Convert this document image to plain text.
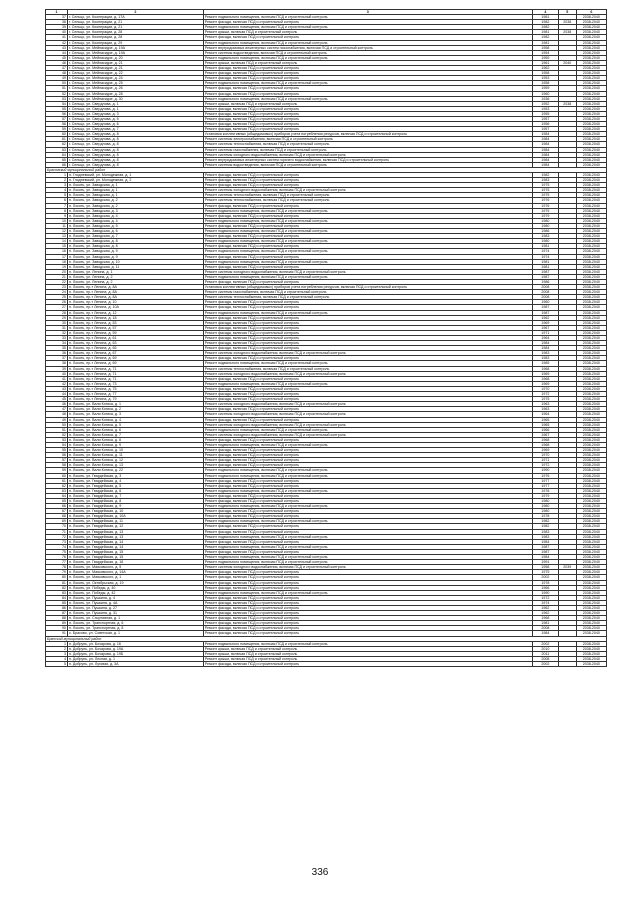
1	2	3	4	5	6
37	г. Сельцо, ул. Кооперации, д. 17А	Ремонт подвального помещения, включая ПСД и строительный контроль	1981		2038-2040
38	г. Сельцо, ул. Кооперации, д. 21	Ремонт фасада, включая ПСД и строительный контроль	1982	2038	2038-2040
39	г. Сельцо, ул. Кооперации, д. 21	Ремонт подвального помещения, включая ПСД и строительный контроль	1982		2038-2040
40	г. Сельцо, ул. Кооперации, д. 28	Ремонт крыши, включая ПСД и строительный контроль	1981	2038	2038-2040
41	г. Сельцо, ул. Кооперации, д. 28	Ремонт фасада, включая ПСД и строительный контроль	1982		2038-2040
42	г. Сельцо, ул. Кооперации, д. 29	Ремонт подвального помещения, включая ПСД и строительный контроль	1981		2038-2040
43	г. Сельцо, ул. Мейпасидзе, д. 19А	Ремонт внутридомовых инженерных систем газоснабжения, включая ПСД и строительный контроль	1958		2038-2040
44	г. Сельцо, ул. Мейпасидзе, д. 19А	Ремонт системы водоотведения, включая ПСД и строительный контроль	1954		2038-2040
45	г. Сельцо, ул. Мейпасидзе, д. 20	Ремонт подвального помещения, включая ПСД и строительный контроль	1959		2038-2040
46	г. Сельцо, ул. Мейпасидзе, д. 21	Ремонт крыши, включая ПСД и строительный контроль	1961	2040	2038-2040
47	г. Сельцо, ул. Мейпасидзе, д. 21	Ремонт фасада, включая ПСД и строительный контроль	1962		2038-2040
48	г. Сельцо, ул. Мейпасидзе, д. 22	Ремонт фасада, включая ПСД и строительный контроль	1958		2038-2040
49	г. Сельцо, ул. Мейпасидзе, д. 24	Ремонт фасада, включая ПСД и строительный контроль	1953		2038-2040
50	г. Сельцо, ул. Мейпасидзе, д. 25	Ремонт подвального помещения, включая ПСД и строительный контроль	1958		2038-2040
51	г. Сельцо, ул. Мейпасидзе, д. 26	Ремонт фасада, включая ПСД и строительный контроль	1959		2038-2040
52	г. Сельцо, ул. Мейпасидзе, д. 28	Ремонт фасада, включая ПСД и строительный контроль	1960		2038-2040
53	г. Сельцо, ул. Мейпасидзе, д. 30	Ремонт подвального помещения, включая ПСД и строительный контроль	1936		2038-2040
54	г. Сельцо, ул. Свердлова, д. 1	Ремонт крыши, включая ПСД и строительный контроль	1952	2038	2038-2040
55	г. Сельцо, ул. Свердлова, д. 1	Ремонт фасада, включая ПСД и строительный контроль	1953		2038-2040
56	г. Сельцо, ул. Свердлова, д. 3	Ремонт фасада, включая ПСД и строительный контроль	1955		2038-2040
57	г. Сельцо, ул. Свердлова, д. 5	Ремонт фасада, включая ПСД и строительный контроль	1957		2038-2040
58	г. Сельцо, ул. Свердлова, д. 6	Ремонт фасада, включая ПСД и строительный контроль	1956		2038-2040
59	г. Сельцо, ул. Свердлова, д. 7	Ремонт фасада, включая ПСД и строительный контроль	1957		2038-2040
60	г. Сельцо, ул. Свердлова, д. 8	Установка коллективных (общедомовых) приборов учета потребления ресурсов, включая ПСД и строительный контроль	1984		2038-2040
61	г. Сельцо, ул. Свердлова, д. 8	Ремонт системы электроснабжения, включая ПСД и строительный контроль	1984		2038-2040
62	г. Сельцо, ул. Свердлова, д. 8	Ремонт системы теплоснабжения, включая ПСД и строительный контроль	1984		2038-2040
63	г. Сельцо, ул. Свердлова, д. 8	Ремонт системы газоснабжения, включая ПСД и строительный контроль	1984		2038-2040
64	г. Сельцо, ул. Свердлова, д. 8	Ремонт системы холодного водоснабжения, включая ПСД и строительный контроль	1984		2038-2040
65	г. Сельцо, ул. Свердлова, д. 8	Ремонт внутридомовых инженерных систем горячего водоснабжения, включая ПСД и строительный контроль	1984		2038-2040
66	г. Сельцо, ул. Свердлова, д. 8	Ремонт системы водоотведения, включая ПСД и строительный контроль	1984		2038-2040
Брасовский муниципальный район					
1	п. Глодневский, ул. Молодежная, д. 1	Ремонт фасада, включая ПСД и строительный контроль	1982		2038-2040
2	п. Глодневский, ул. Молодежная, д. 2	Ремонт фасада, включая ПСД и строительный контроль	1983		2038-2040
3	п. Локоть, ул. Заводская, д. 1	Ремонт фасада, включая ПСД и строительный контроль	1975		2038-2040
4	п. Локоть, ул. Заводская, д. 1	Ремонт системы холодного водоснабжения, включая ПСД и строительный контроль	1975		2038-2040
5	п. Локоть, ул. Заводская, д. 1	Ремонт системы теплоснабжения, включая ПСД и строительный контроль	1975		2038-2040
6	п. Локоть, ул. Заводская, д. 2	Ремонт системы теплоснабжения, включая ПСД и строительный контроль	1976		2038-2040
7	п. Локоть, ул. Заводская, д. 2	Ремонт фасада, включая ПСД и строительный контроль	1976		2038-2040
8	п. Локоть, ул. Заводская, д. 3	Ремонт подвального помещения, включая ПСД и строительный контроль	1975		2038-2040
9	п. Локоть, ул. Заводская, д. 4	Ремонт фасада, включая ПСД и строительный контроль	1979		2038-2040
10	п. Локоть, ул. Заводская, д. 4	Ремонт подвального помещения, включая ПСД и строительный контроль	1980		2038-2040
11	п. Локоть, ул. Заводская, д. 5	Ремонт фасада, включая ПСД и строительный контроль	1980		2038-2040
12	п. Локоть, ул. Заводская, д. 6	Ремонт подвального помещения, включая ПСД и строительный контроль	1986		2038-2040
13	п. Локоть, ул. Заводская, д. 7	Ремонт фасада, включая ПСД и строительный контроль	1983		2038-2040
14	п. Локоть, ул. Заводская, д. 8	Ремонт подвального помещения, включая ПСД и строительный контроль	1980		2038-2040
15	п. Локоть, ул. Заводская, д. 8	Ремонт фасада, включая ПСД и строительный контроль	1981		2038-2040
16	п. Локоть, ул. Заводская, д. 9	Ремонт подвального помещения, включая ПСД и строительный контроль	1974		2038-2040
17	п. Локоть, ул. Заводская, д. 9	Ремонт фасада, включая ПСД и строительный контроль	1974		2038-2040
18	п. Локоть, ул. Заводская, д. 10	Ремонт подвального помещения, включая ПСД и строительный контроль	1981		2038-2040
19	п. Локоть, ул. Заводская, д. 11	Ремонт фасада, включая ПСД и строительный контроль	1981		2038-2040
20	п. Локоть, ул. Ленина, д. 1	Ремонт системы холодного водоснабжения, включая ПСД и строительный контроль	1987		2038-2040
21	п. Локоть, ул. Ленина, д. 2	Ремонт подвального помещения, включая ПСД и строительный контроль	1987		2038-2040
22	п. Локоть, ул. Ленина, д. 2	Ремонт фасада, включая ПСД и строительный контроль	1986		2038-2040
23	п. Локоть, пр-т Ленина, д. 8А	Установка коллективных (общедомовых) приборов учета потребления ресурсов, включая ПСД и строительный контроль	2008		2038-2040
24	п. Локоть, пр-т Ленина, д. 8А	Ремонт системы газоснабжения, включая ПСД и строительный контроль	2008		2038-2040
25	п. Локоть, пр-т Ленина, д. 8А	Ремонт системы теплоснабжения, включая ПСД и строительный контроль	2008		2038-2040
26	п. Локоть, пр-т Ленина, д. 10	Ремонт фасада, включая ПСД и строительный контроль	1960		2038-2040
27	п. Локоть, пр-т Ленина, д. 10А	Ремонт фасада, включая ПСД и строительный контроль	1987		2038-2040
28	п. Локоть, пр-т Ленина, д. 12	Ремонт подвального помещения, включая ПСД и строительный контроль	1987		2038-2040
29	п. Локоть, пр-т Ленина, д. 18	Ремонт фасада, включая ПСД и строительный контроль	1962		2038-2040
30	п. Локоть, пр-т Ленина, д. 53	Ремонт фасада, включая ПСД и строительный контроль	1969		2038-2040
31	п. Локоть, пр-т Ленина, д. 57	Ремонт фасада, включая ПСД и строительный контроль	1967		2038-2040
32	п. Локоть, пр-т Ленина, д. 59	Ремонт фасада, включая ПСД и строительный контроль	1971		2038-2040
33	п. Локоть, пр-т Ленина, д. 61	Ремонт фасада, включая ПСД и строительный контроль	1964		2038-2040
34	п. Локоть, пр-т Ленина, д. 63	Ремонт фасада, включая ПСД и строительный контроль	1984		2038-2040
35	п. Локоть, пр-т Ленина, д. 65	Ремонт фасада, включая ПСД и строительный контроль	1984		2038-2040
36	п. Локоть, пр-т Ленина, д. 67	Ремонт системы холодного водоснабжения, включая ПСД и строительный контроль	1983		2038-2040
37	п. Локоть, пр-т Ленина, д. 69	Ремонт фасада, включая ПСД и строительный контроль	1983		2038-2040
38	п. Локоть, пр-т Ленина, д. 69	Ремонт подвального помещения, включая ПСД и строительный контроль	1985		2038-2040
39	п. Локоть, пр-т Ленина, д. 71	Ремонт системы теплоснабжения, включая ПСД и строительный контроль	1968		2038-2040
40	п. Локоть, пр-т Ленина, д. 71	Ремонт системы холодного водоснабжения, включая ПСД и строительный контроль	1969		2038-2040
41	п. Локоть, пр-т Ленина, д. 71	Ремонт фасада, включая ПСД и строительный контроль	1968		2038-2040
42	п. Локоть, пр-т Ленина, д. 73	Ремонт подвального помещения, включая ПСД и строительный контроль	1969		2038-2040
43	п. Локоть, пр-т Ленина, д. 75	Ремонт фасада, включая ПСД и строительный контроль	1970		2038-2040
44	п. Локоть, пр-т Ленина, д. 77	Ремонт фасада, включая ПСД и строительный контроль	1972		2038-2040
45	п. Локоть, пр-т Ленина, д. 79	Ремонт фасада, включая ПСД и строительный контроль	1975		2038-2040
46	п. Локоть, ул. Вали Котика, д. 1	Ремонт системы холодного водоснабжения, включая ПСД и строительный контроль	1963		2038-2040
47	п. Локоть, ул. Вали Котика, д. 2	Ремонт фасада, включая ПСД и строительный контроль	1963		2038-2040
48	п. Локоть, ул. Вали Котика, д. 3	Ремонт системы холодного водоснабжения, включая ПСД и строительный контроль	1964		2038-2040
49	п. Локоть, ул. Вали Котика, д. 4	Ремонт фасада, включая ПСД и строительный контроль	1965		2038-2040
50	п. Локоть, ул. Вали Котика, д. 5	Ремонт системы холодного водоснабжения, включая ПСД и строительный контроль	1965		2038-2040
51	п. Локоть, ул. Вали Котика, д. 6	Ремонт подвального помещения, включая ПСД и строительный контроль	1966		2038-2040
52	п. Локоть, ул. Вали Котика, д. 7	Ремонт системы холодного водоснабжения, включая ПСД и строительный контроль	1967		2038-2040
53	п. Локоть, ул. Вали Котика, д. 8	Ремонт фасада, включая ПСД и строительный контроль	1968		2038-2040
54	п. Локоть, ул. Вали Котика, д. 9	Ремонт подвального помещения, включая ПСД и строительный контроль	1968		2038-2040
55	п. Локоть, ул. Вали Котика, д. 10	Ремонт фасада, включая ПСД и строительный контроль	1969		2038-2040
56	п. Локоть, ул. Вали Котика, д. 11	Ремонт фасада, включая ПСД и строительный контроль	1970		2038-2040
57	п. Локоть, ул. Вали Котика, д. 12	Ремонт фасада, включая ПСД и строительный контроль	1971		2038-2040
58	п. Локоть, ул. Вали Котика, д. 13	Ремонт фасада, включая ПСД и строительный контроль	1972		2038-2040
59	п. Локоть, ул. Вали Котика, д. 22	Ремонт подвального помещения, включая ПСД и строительный контроль	1990		2038-2040
60	п. Локоть, ул. Гвардейская, д. 3	Ремонт подвального помещения, включая ПСД и строительный контроль	1976		2038-2040
61	п. Локоть, ул. Гвардейская, д. 4	Ремонт фасада, включая ПСД и строительный контроль	1977		2038-2040
62	п. Локоть, ул. Гвардейская, д. 5	Ремонт фасада, включая ПСД и строительный контроль	1977		2038-2040
63	п. Локоть, ул. Гвардейская, д. 6	Ремонт подвального помещения, включая ПСД и строительный контроль	1978		2038-2040
64	п. Локоть, ул. Гвардейская, д. 7	Ремонт фасада, включая ПСД и строительный контроль	1979		2038-2040
65	п. Локоть, ул. Гвардейская, д. 8	Ремонт фасада, включая ПСД и строительный контроль	1980		2038-2040
66	п. Локоть, ул. Гвардейская, д. 9	Ремонт подвального помещения, включая ПСД и строительный контроль	1980		2038-2040
67	п. Локоть, ул. Гвардейская, д. 10	Ремонт фасада, включая ПСД и строительный контроль	1980		2038-2040
68	п. Локоть, ул. Гвардейская, д. 10А	Ремонт фасада, включая ПСД и строительный контроль	1978		2038-2040
69	п. Локоть, ул. Гвардейская, д. 11	Ремонт подвального помещения, включая ПСД и строительный контроль	1982		2038-2040
70	п. Локоть, ул. Гвардейская, д. 12	Ремонт фасада, включая ПСД и строительный контроль	1982		2038-2040
71	п. Локоть, ул. Гвардейская, д. 13	Ремонт фасада, включая ПСД и строительный контроль	1983		2038-2040
72	п. Локоть, ул. Гвардейская, д. 13	Ремонт подвального помещения, включая ПСД и строительный контроль	1983		2038-2040
73	п. Локоть, ул. Гвардейская, д. 14	Ремонт фасада, включая ПСД и строительный контроль	1984		2038-2040
74	п. Локоть, ул. Гвардейская, д. 14	Ремонт подвального помещения, включая ПСД и строительный контроль	1987		2038-2040
75	п. Локоть, ул. Гвардейская, д. 15	Ремонт фасада, включая ПСД и строительный контроль	1987		2038-2040
76	п. Локоть, ул. Гвардейская, д. 15	Ремонт подвального помещения, включая ПСД и строительный контроль	1984		2038-2040
77	п. Локоть, ул. Гвардейская, д. 16	Ремонт подвального помещения, включая ПСД и строительный контроль	1991		2038-2040
78	п. Локоть, ул. Маяковского, д. 5	Ремонт системы холодного водоснабжения, включая ПСД и строительный контроль	1958	2039	2038-2040
79	п. Локоть, ул. Маяковского, д. 14А	Ремонт фасада, включая ПСД и строительный контроль	1975		2038-2040
80	п. Локоть, ул. Маяковского, д. 1	Ремонт фасада, включая ПСД и строительный контроль	2002		2038-2040
81	п. Локоть, ул. Октябрьская, д. 19	Ремонт фасада, включая ПСД и строительный контроль	1978		2038-2040
82	п. Локоть, ул. Победы, д. 40	Ремонт фасада, включая ПСД и строительный контроль	1966		2038-2040
83	п. Локоть, ул. Победы, д. 42	Ремонт подвального помещения, включая ПСД и строительный контроль	1990		2038-2040
84	п. Локоть, ул. Пушкина, д. 4	Ремонт фасада, включая ПСД и строительный контроль	1972		2038-2040
85	п. Локоть, ул. Пушкина, д. 4А	Ремонт фасада, включая ПСД и строительный контроль	1974		2038-2040
86	п. Локоть, ул. Пушкина, д. 27	Ремонт фасада, включая ПСД и строительный контроль	1962		2038-2040
87	п. Локоть, ул. Пушкина, д. 31	Ремонт фасада, включая ПСД и строительный контроль	1962		2038-2040
88	п. Локоть, ул. Спортивная, д. 1	Ремонт фасада, включая ПСД и строительный контроль	1968		2038-2040
89	п. Локоть, ул. Транспортная, д. 6	Ремонт фасада, включая ПСД и строительный контроль	1981		2038-2040
90	п. Локоть, ул. Транспортная, д. 8	Ремонт фасада, включая ПСД и строительный контроль	2008		2038-2040
91	с. Брасово, ул. Советская, д. 1	Ремонт фасада, включая ПСД и строительный контроль	1984		2038-2040
Брянский муниципальный район					
1	п. Добрунь, ул. Бочарова, д. 16	Ремонт подвального помещения, включая ПСД и строительный контроль	2002		2038-2040
2	п. Добрунь, ул. Бочарова, д. 19А	Ремонт крыши, включая ПСД и строительный контроль	2010		2038-2040
3	п. Добрунь, ул. Бочарова, д. 19Б	Ремонт крыши, включая ПСД и строительный контроль	2011		2038-2040
4	п. Добрунь, ул. Лесная, д. 1	Ремонт крыши, включая ПСД и строительный контроль	2008		2038-2040
5	п. Добрунь, ул. Луговая, д. 3А	Ремонт фасада, включая ПСД и строительный контроль	2002		2038-2040
336
